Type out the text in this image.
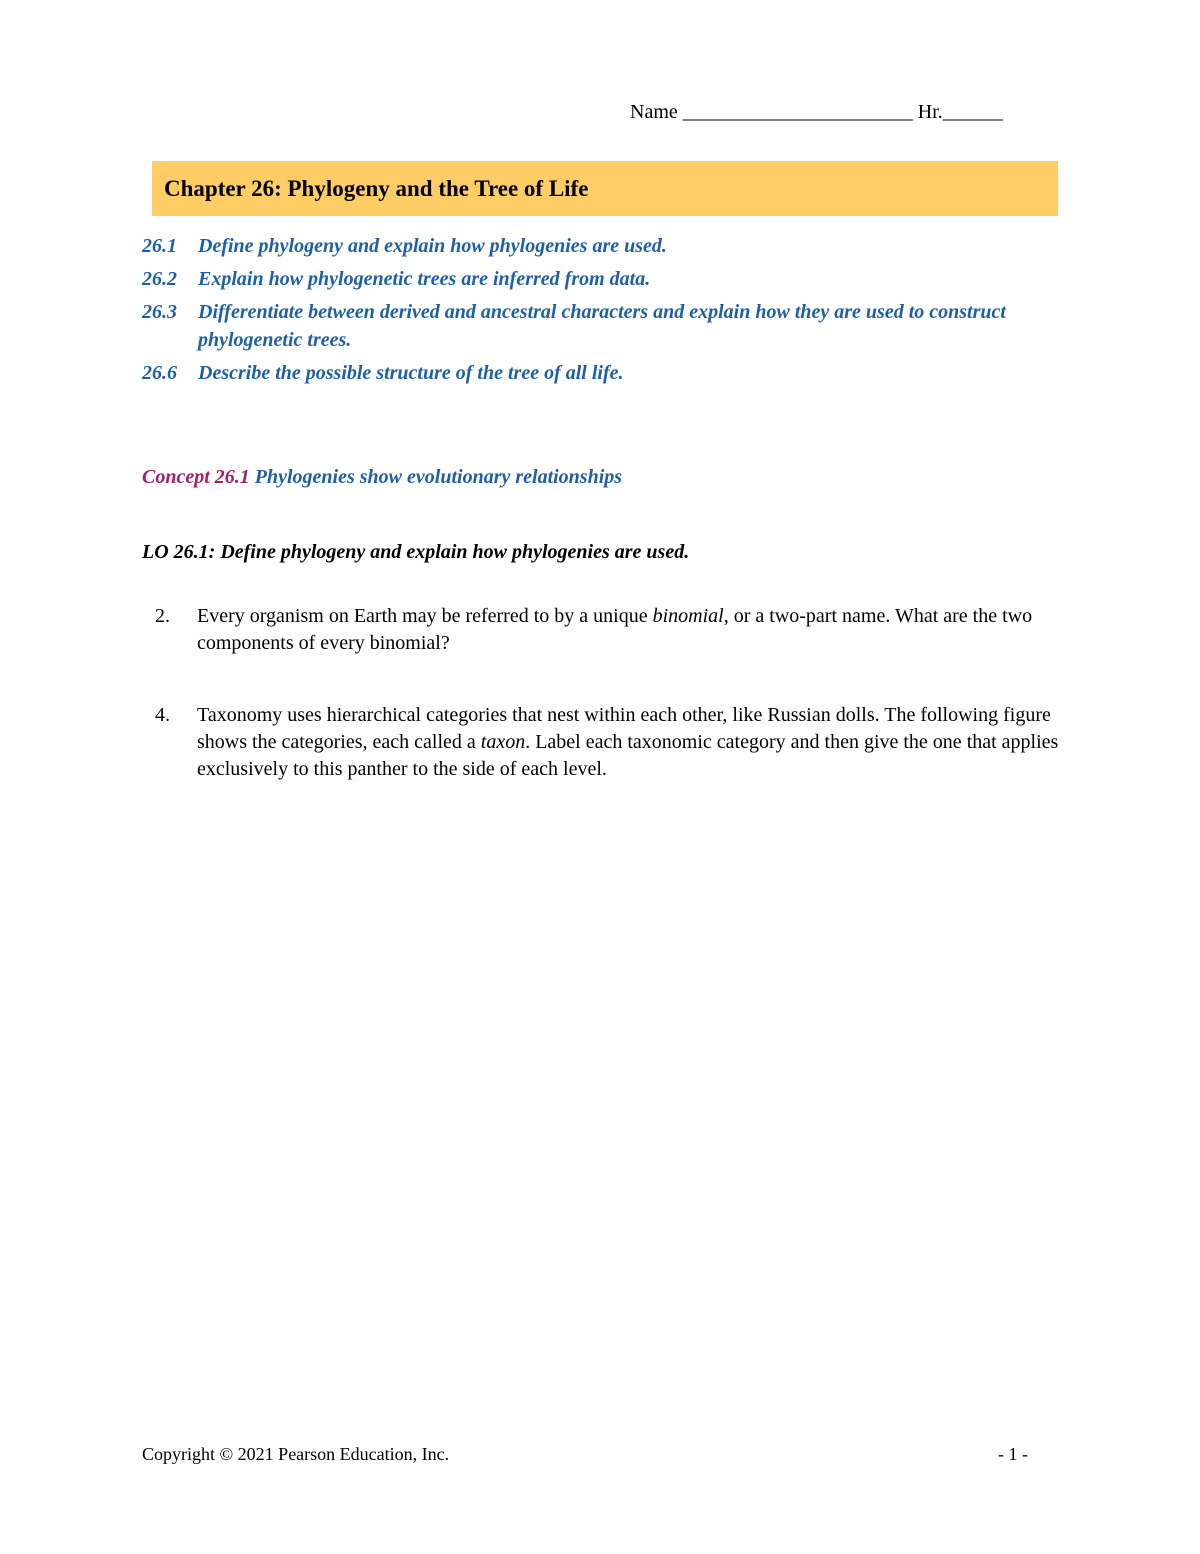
Name _______________________ Hr.______
Chapter 26: Phylogeny and the Tree of Life
26.1	Define phylogeny and explain how phylogenies are used.
26.2	Explain how phylogenetic trees are inferred from data.
26.3	Differentiate between derived and ancestral characters and explain how they are used to construct phylogenetic trees.
26.6	Describe the possible structure of the tree of all life.
Concept 26.1 Phylogenies show evolutionary relationships
LO 26.1: Define phylogeny and explain how phylogenies are used.
2.	Every organism on Earth may be referred to by a unique binomial, or a two-part name. What are the two components of every binomial?
4.	Taxonomy uses hierarchical categories that nest within each other, like Russian dolls. The following figure shows the categories, each called a taxon. Label each taxonomic category and then give the one that applies exclusively to this panther to the side of each level.
Copyright © 2021 Pearson Education, Inc.	- 1 -
